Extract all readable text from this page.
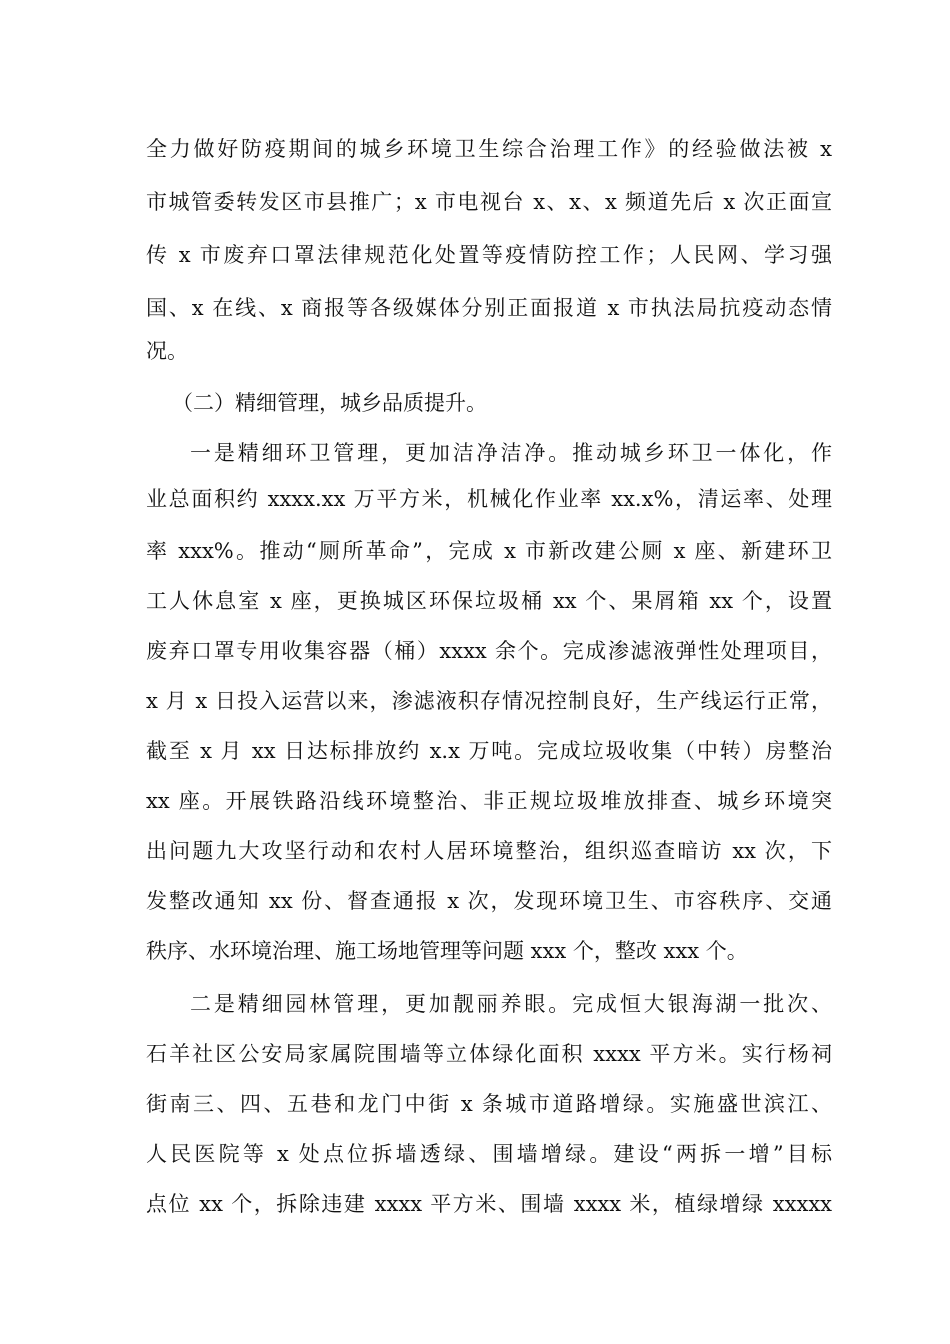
全力做好防疫期间的城乡环境卫生综合治理工作》的经验做法被 x
市城管委转发区市县推广；x 市电视台 x、x、x 频道先后 x 次正面宣
传 x 市废弃口罩法律规范化处置等疫情防控工作；人民网、学习强
国、x 在线、x 商报等各级媒体分别正面报道 x 市执法局抗疫动态情
况。
（二）精细管理，城乡品质提升。
一是精细环卫管理，更加洁净洁净。推动城乡环卫一体化，作
业总面积约 xxxx.xx 万平方米，机械化作业率 xx.x%，清运率、处理
率 xxx%。推动“厕所革命”，完成 x 市新改建公厕 x 座、新建环卫
工人休息室 x 座，更换城区环保垃圾桶 xx 个、果屑箱 xx 个，设置
废弃口罩专用收集容器（桶）xxxx 余个。完成渗滤液弹性处理项目，
x 月 x 日投入运营以来，渗滤液积存情况控制良好，生产线运行正常，
截至 x 月 xx 日达标排放约 x.x 万吨。完成垃圾收集（中转）房整治
xx 座。开展铁路沿线环境整治、非正规垃圾堆放排查、城乡环境突
出问题九大攻坚行动和农村人居环境整治，组织巡查暗访 xx 次，下
发整改通知 xx 份、督查通报 x 次，发现环境卫生、市容秩序、交通
秩序、水环境治理、施工场地管理等问题 xxx 个，整改 xxx 个。
二是精细园林管理，更加靓丽养眼。完成恒大银海湖一批次、
石羊社区公安局家属院围墙等立体绿化面积 xxxx 平方米。实行杨祠
街南三、四、五巷和龙门中街 x 条城市道路增绿。实施盛世滨江、
人民医院等 x 处点位拆墙透绿、围墙增绿。建设“两拆一增”目标
点位 xx 个，拆除违建 xxxx 平方米、围墙 xxxx 米，植绿增绿 xxxxx
